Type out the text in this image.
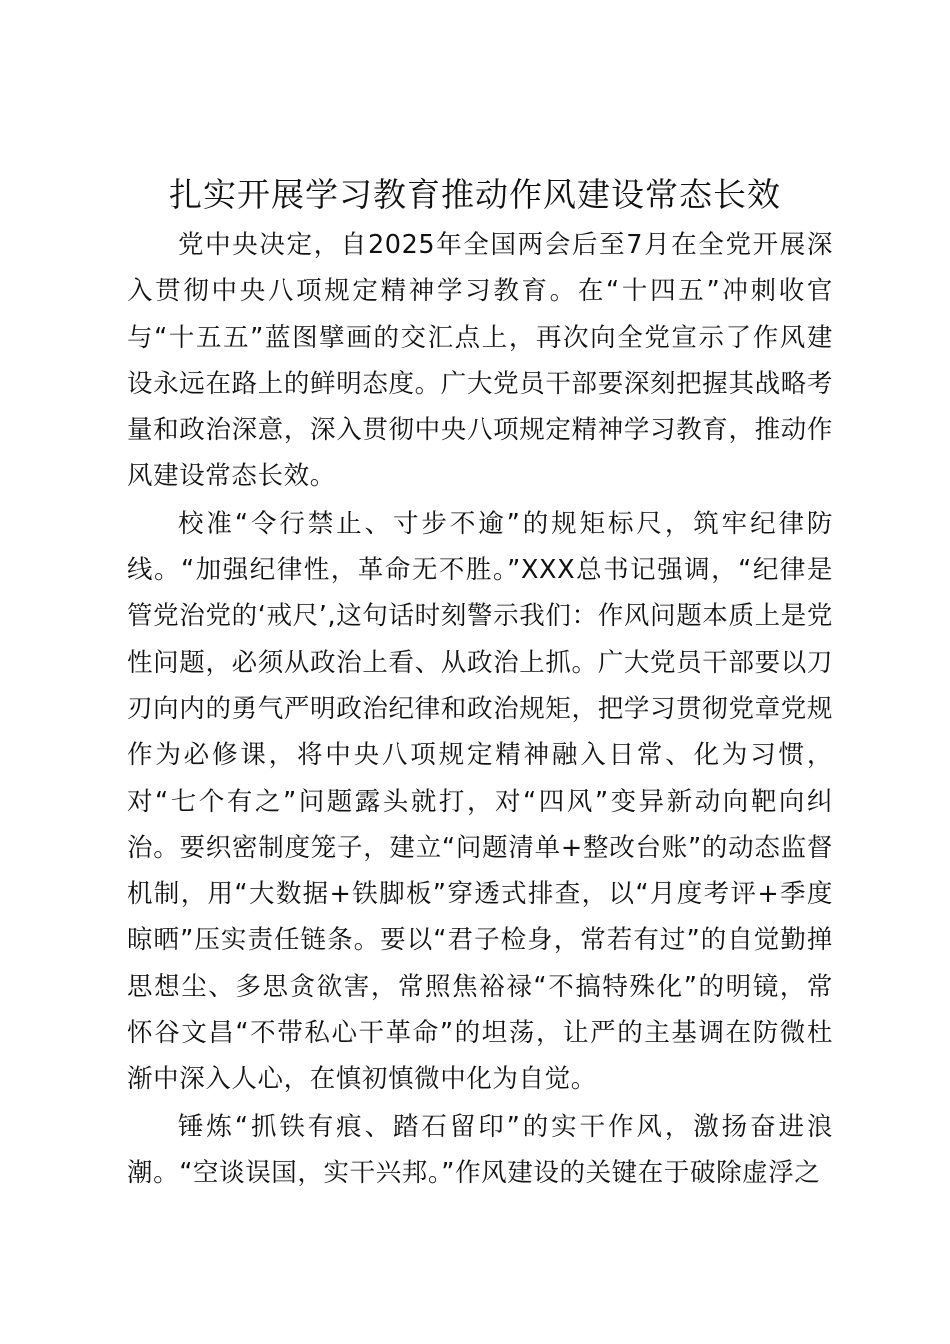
扎实开展学习教育推动作风建设常态长效

党中央决定，自2025年全国两会后至7月在全党开展深入贯彻中央八项规定精神学习教育。在“十四五”冲刺收官与“十五五”蓝图擘画的交汇点上，再次向全党宣示了作风建设永远在路上的鲜明态度。广大党员干部要深刻把握其战略考量和政治深意，深入贯彻中央八项规定精神学习教育，推动作风建设常态长效。

校准“令行禁止、寸步不逾”的规矩标尺，筑牢纪律防线。“加强纪律性，革命无不胜。”XXX总书记强调，“纪律是管党治党的‘戒尺’,这句话时刻警示我们：作风问题本质上是党性问题，必须从政治上看、从政治上抓。广大党员干部要以刀刃向内的勇气严明政治纪律和政治规矩，把学习贯彻党章党规作为必修课，将中央八项规定精神融入日常、化为习惯，对“七个有之”问题露头就打，对“四风”变异新动向靶向纠治。要织密制度笼子，建立“问题清单+整改台账”的动态监督机制，用“大数据+铁脚板”穿透式排查，以“月度考评+季度晾晒”压实责任链条。要以“君子检身，常若有过”的自觉勤掸思想尘、多思贪欲害，常照焦裕禄“不搞特殊化”的明镜，常怀谷文昌“不带私心干革命”的坦荡，让严的主基调在防微杜渐中深入人心，在慎初慎微中化为自觉。

锤炼“抓铁有痕、踏石留印”的实干作风，激扬奋进浪潮。“空谈误国，实干兴邦。”作风建设的关键在于破除虚浮之
